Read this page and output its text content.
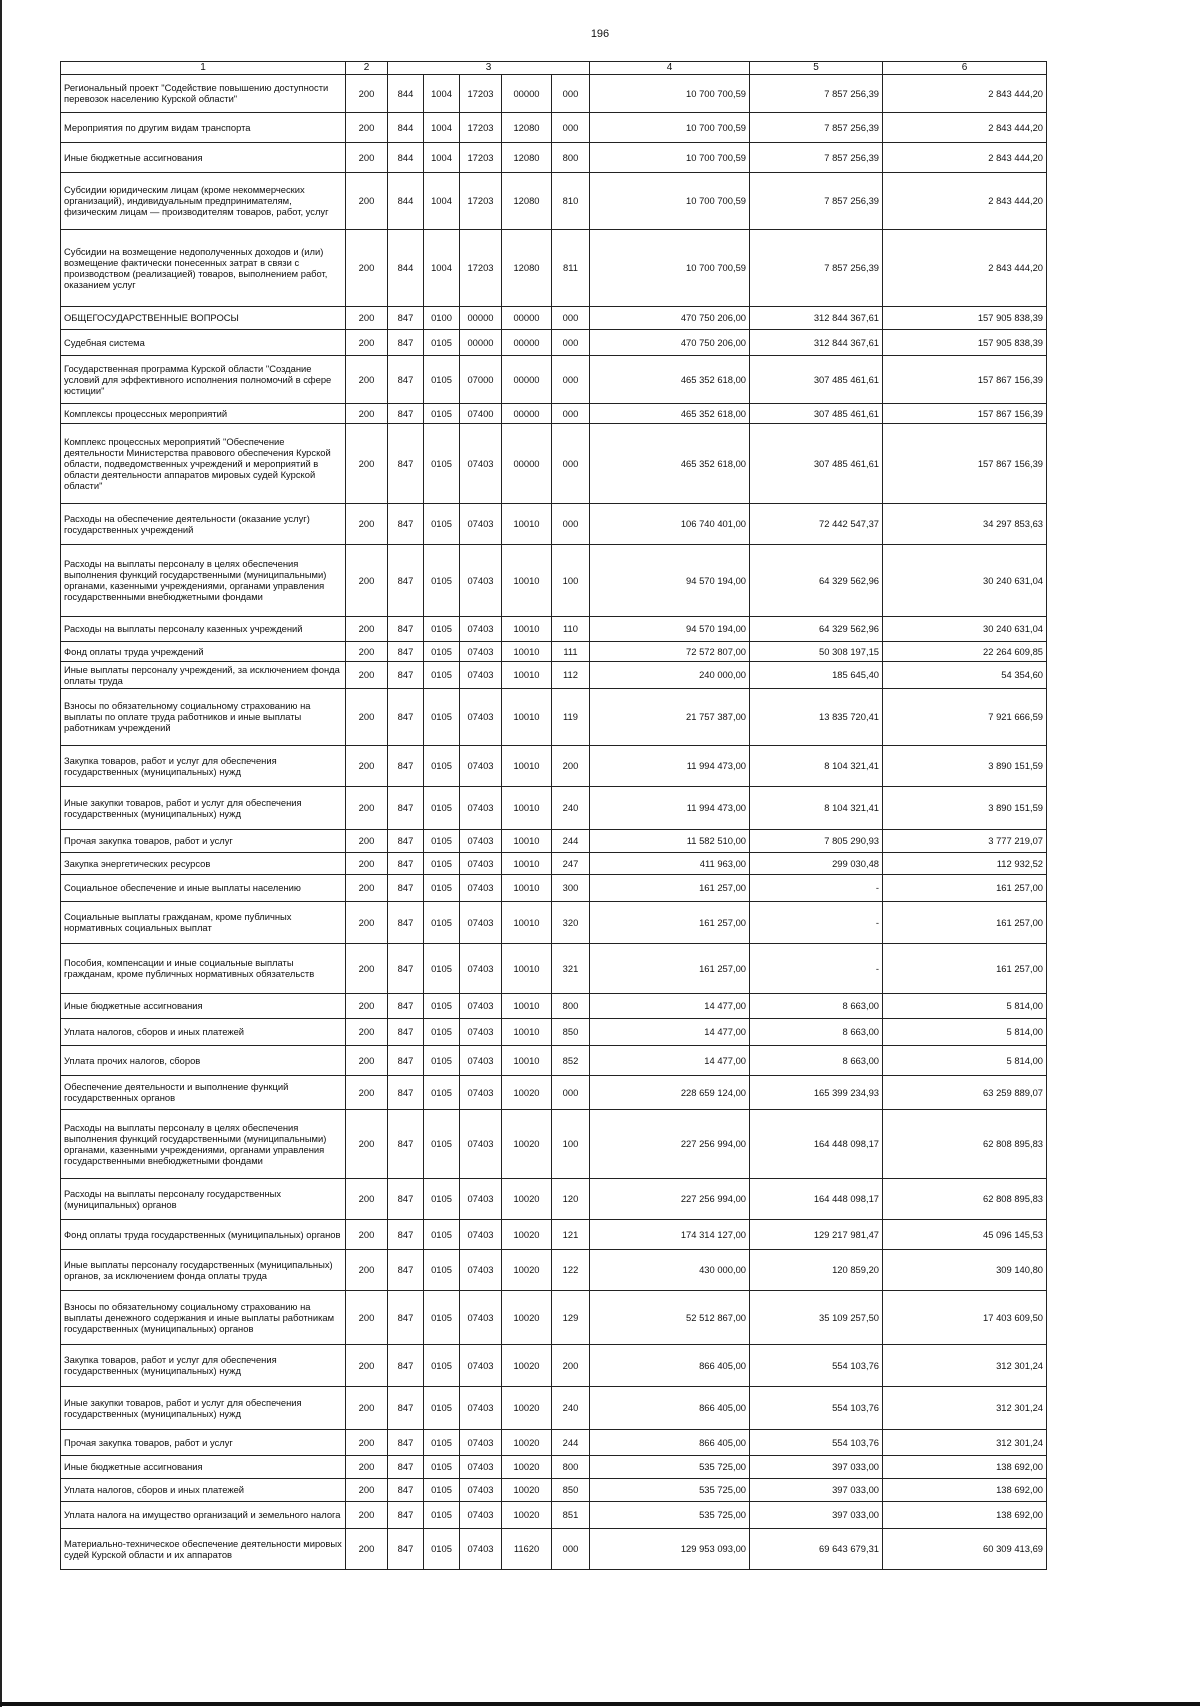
196
1	2	3					4	5	6
Региональный проект "Содействие повышению доступности перевозок населению Курской области"	200	844	1004	17203	00000	000	10 700 700,59	7 857 256,39	2 843 444,20
Мероприятия по другим видам транспорта	200	844	1004	17203	12080	000	10 700 700,59	7 857 256,39	2 843 444,20
Иные бюджетные ассигнования	200	844	1004	17203	12080	800	10 700 700,59	7 857 256,39	2 843 444,20
Субсидии юридическим лицам (кроме некоммерческих организаций), индивидуальным предпринимателям, физическим лицам — производителям товаров, работ, услуг	200	844	1004	17203	12080	810	10 700 700,59	7 857 256,39	2 843 444,20
Субсидии на возмещение недополученных доходов и (или) возмещение фактически понесенных затрат в связи с производством (реализацией) товаров, выполнением работ, оказанием услуг	200	844	1004	17203	12080	811	10 700 700,59	7 857 256,39	2 843 444,20
ОБЩЕГОСУДАРСТВЕННЫЕ ВОПРОСЫ	200	847	0100	00000	00000	000	470 750 206,00	312 844 367,61	157 905 838,39
Судебная система	200	847	0105	00000	00000	000	470 750 206,00	312 844 367,61	157 905 838,39
Государственная программа Курской области "Создание условий для эффективного исполнения полномочий в сфере юстиции"	200	847	0105	07000	00000	000	465 352 618,00	307 485 461,61	157 867 156,39
Комплексы процессных мероприятий	200	847	0105	07400	00000	000	465 352 618,00	307 485 461,61	157 867 156,39
Комплекс процессных мероприятий "Обеспечение деятельности Министерства правового обеспечения Курской области, подведомственных учреждений и мероприятий в области деятельности аппаратов мировых судей Курской области"	200	847	0105	07403	00000	000	465 352 618,00	307 485 461,61	157 867 156,39
Расходы на обеспечение деятельности (оказание услуг) государственных учреждений	200	847	0105	07403	10010	000	106 740 401,00	72 442 547,37	34 297 853,63
Расходы на выплаты персоналу в целях обеспечения выполнения функций государственными (муниципальными) органами, казенными учреждениями, органами управления государственными внебюджетными фондами	200	847	0105	07403	10010	100	94 570 194,00	64 329 562,96	30 240 631,04
Расходы на выплаты персоналу казенных учреждений	200	847	0105	07403	10010	110	94 570 194,00	64 329 562,96	30 240 631,04
Фонд оплаты труда учреждений	200	847	0105	07403	10010	111	72 572 807,00	50 308 197,15	22 264 609,85
Иные выплаты персоналу учреждений, за исключением фонда оплаты труда	200	847	0105	07403	10010	112	240 000,00	185 645,40	54 354,60
Взносы по обязательному социальному страхованию на выплаты по оплате труда работников и иные выплаты работникам учреждений	200	847	0105	07403	10010	119	21 757 387,00	13 835 720,41	7 921 666,59
Закупка товаров, работ и услуг для обеспечения государственных (муниципальных) нужд	200	847	0105	07403	10010	200	11 994 473,00	8 104 321,41	3 890 151,59
Иные закупки товаров, работ и услуг для обеспечения государственных (муниципальных) нужд	200	847	0105	07403	10010	240	11 994 473,00	8 104 321,41	3 890 151,59
Прочая закупка товаров, работ и услуг	200	847	0105	07403	10010	244	11 582 510,00	7 805 290,93	3 777 219,07
Закупка энергетических ресурсов	200	847	0105	07403	10010	247	411 963,00	299 030,48	112 932,52
Социальное обеспечение и иные выплаты населению	200	847	0105	07403	10010	300	161 257,00	-	161 257,00
Социальные выплаты гражданам, кроме публичных нормативных социальных выплат	200	847	0105	07403	10010	320	161 257,00	-	161 257,00
Пособия, компенсации и иные социальные выплаты гражданам, кроме публичных нормативных обязательств	200	847	0105	07403	10010	321	161 257,00	-	161 257,00
Иные бюджетные ассигнования	200	847	0105	07403	10010	800	14 477,00	8 663,00	5 814,00
Уплата налогов, сборов и иных платежей	200	847	0105	07403	10010	850	14 477,00	8 663,00	5 814,00
Уплата прочих налогов, сборов	200	847	0105	07403	10010	852	14 477,00	8 663,00	5 814,00
Обеспечение деятельности и выполнение функций государственных органов	200	847	0105	07403	10020	000	228 659 124,00	165 399 234,93	63 259 889,07
Расходы на выплаты персоналу в целях обеспечения выполнения функций государственными (муниципальными) органами, казенными учреждениями, органами управления государственными внебюджетными фондами	200	847	0105	07403	10020	100	227 256 994,00	164 448 098,17	62 808 895,83
Расходы на выплаты персоналу государственных (муниципальных) органов	200	847	0105	07403	10020	120	227 256 994,00	164 448 098,17	62 808 895,83
Фонд оплаты труда государственных (муниципальных) органов	200	847	0105	07403	10020	121	174 314 127,00	129 217 981,47	45 096 145,53
Иные выплаты персоналу государственных (муниципальных) органов, за исключением фонда оплаты труда	200	847	0105	07403	10020	122	430 000,00	120 859,20	309 140,80
Взносы по обязательному социальному страхованию на выплаты денежного содержания и иные выплаты работникам государственных (муниципальных) органов	200	847	0105	07403	10020	129	52 512 867,00	35 109 257,50	17 403 609,50
Закупка товаров, работ и услуг для обеспечения государственных (муниципальных) нужд	200	847	0105	07403	10020	200	866 405,00	554 103,76	312 301,24
Иные закупки товаров, работ и услуг для обеспечения государственных (муниципальных) нужд	200	847	0105	07403	10020	240	866 405,00	554 103,76	312 301,24
Прочая закупка товаров, работ и услуг	200	847	0105	07403	10020	244	866 405,00	554 103,76	312 301,24
Иные бюджетные ассигнования	200	847	0105	07403	10020	800	535 725,00	397 033,00	138 692,00
Уплата налогов, сборов и иных платежей	200	847	0105	07403	10020	850	535 725,00	397 033,00	138 692,00
Уплата налога на имущество организаций и земельного налога	200	847	0105	07403	10020	851	535 725,00	397 033,00	138 692,00
Материально-техническое обеспечение деятельности мировых судей Курской области и их аппаратов	200	847	0105	07403	11620	000	129 953 093,00	69 643 679,31	60 309 413,69
